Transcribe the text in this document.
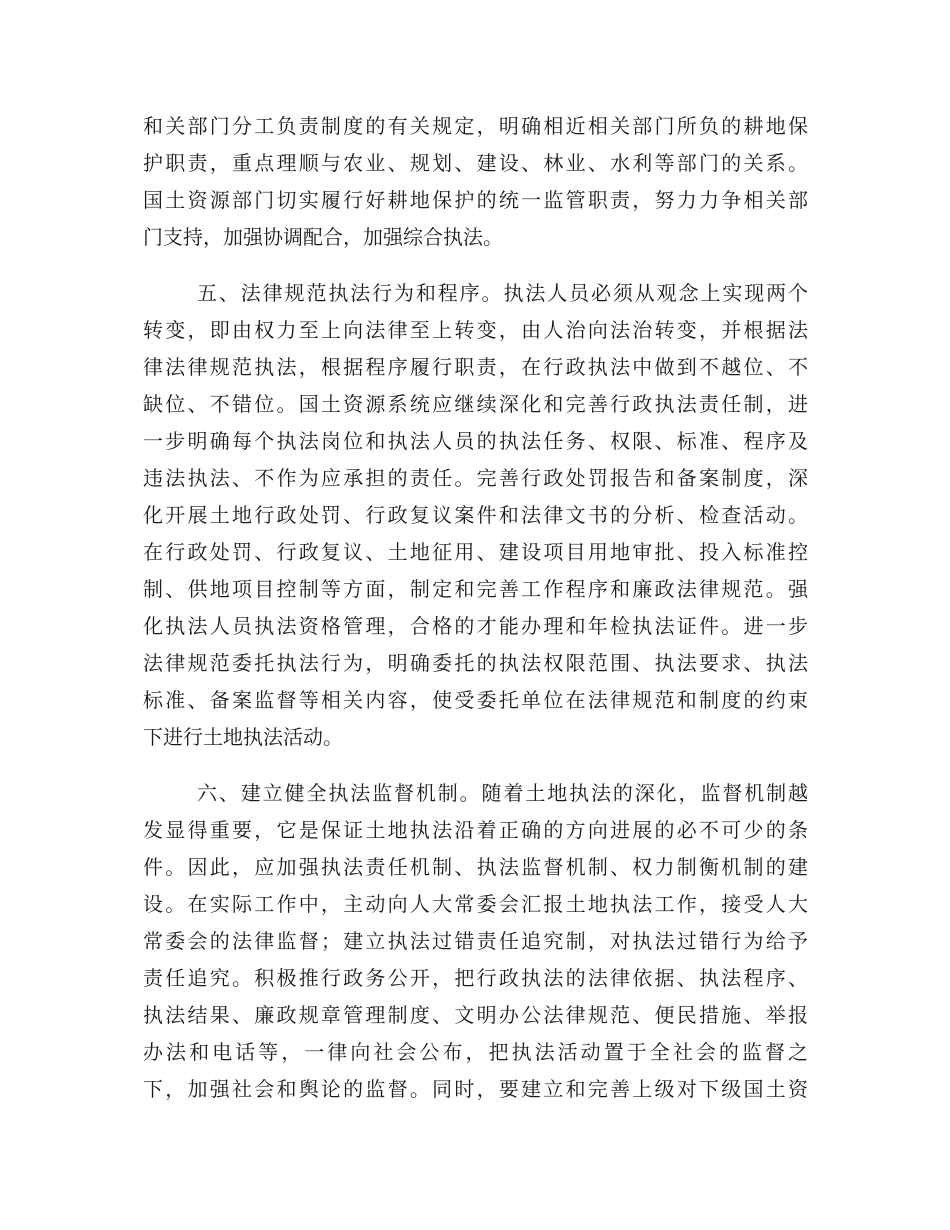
和关部门分工负责制度的有关规定，明确相近相关部门所负的耕地保
护职责，重点理顺与农业、规划、建设、林业、水利等部门的关系。
国土资源部门切实履行好耕地保护的统一监管职责，努力力争相关部
门支持，加强协调配合，加强综合执法。
五、法律规范执法行为和程序。执法人员必须从观念上实现两个
转变，即由权力至上向法律至上转变，由人治向法治转变，并根据法
律法律规范执法，根据程序履行职责，在行政执法中做到不越位、不
缺位、不错位。国土资源系统应继续深化和完善行政执法责任制，进
一步明确每个执法岗位和执法人员的执法任务、权限、标准、程序及
违法执法、不作为应承担的责任。完善行政处罚报告和备案制度，深
化开展土地行政处罚、行政复议案件和法律文书的分析、检查活动。
在行政处罚、行政复议、土地征用、建设项目用地审批、投入标准控
制、供地项目控制等方面，制定和完善工作程序和廉政法律规范。强
化执法人员执法资格管理，合格的才能办理和年检执法证件。进一步
法律规范委托执法行为，明确委托的执法权限范围、执法要求、执法
标准、备案监督等相关内容，使受委托单位在法律规范和制度的约束
下进行土地执法活动。
六、建立健全执法监督机制。随着土地执法的深化，监督机制越
发显得重要，它是保证土地执法沿着正确的方向进展的必不可少的条
件。因此，应加强执法责任机制、执法监督机制、权力制衡机制的建
设。在实际工作中，主动向人大常委会汇报土地执法工作，接受人大
常委会的法律监督；建立执法过错责任追究制，对执法过错行为给予
责任追究。积极推行政务公开，把行政执法的法律依据、执法程序、
执法结果、廉政规章管理制度、文明办公法律规范、便民措施、举报
办法和电话等，一律向社会公布，把执法活动置于全社会的监督之
下，加强社会和舆论的监督。同时，要建立和完善上级对下级国土资
